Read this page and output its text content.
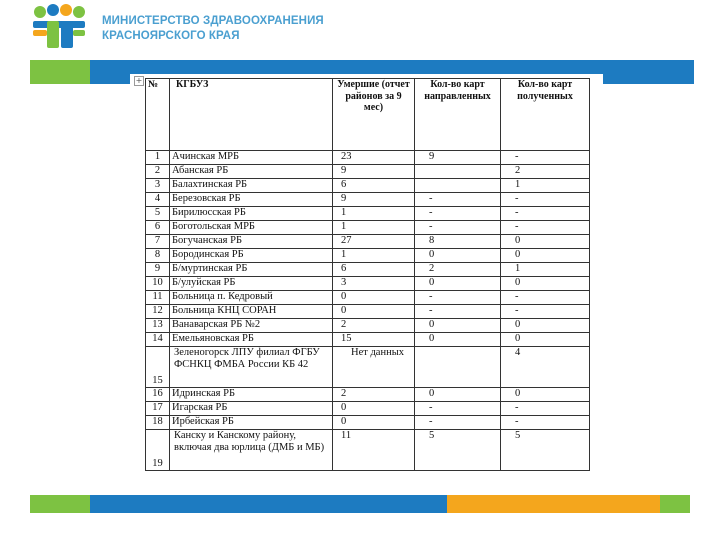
МИНИСТЕРСТВО ЗДРАВООХРАНЕНИЯ
КРАСНОЯРСКОГО КРАЯ
+ №	КГБУЗ	Умершие (отчет районов за 9 мес)	Кол-во карт направленных	Кол-во карт полученных
1	Ачинская МРБ	23	9	-
2	Абанская РБ	9		2
3	Балахтинская РБ	6		1
4	Березовская РБ	9	-	-
5	Бирилюсская РБ	1	-	-
6	Боготольская МРБ	1	-	-
7	Богучанская РБ	27	8	0
8	Бородинская РБ	1	0	0
9	Б/муртинская РБ	6	2	1
10	Б/улуйская РБ	3	0	0
11	Больница п. Кедровый	0	-	-
12	Больница КНЦ СОРАН	0	-	-
13	Ванаварская РБ №2	2	0	0
14	Емельяновская РБ	15	0	0
15	Зеленогорск ЛПУ филиал ФГБУ ФСНКЦ ФМБА России КБ 42	Нет данных		4
16	Идринская РБ	2	0	0
17	Игарская РБ	0	-	-
18	Ирбейская РБ	0	-	-
19	Канску и Канскому району, включая два юрлица (ДМБ и МБ)	11	5	5
